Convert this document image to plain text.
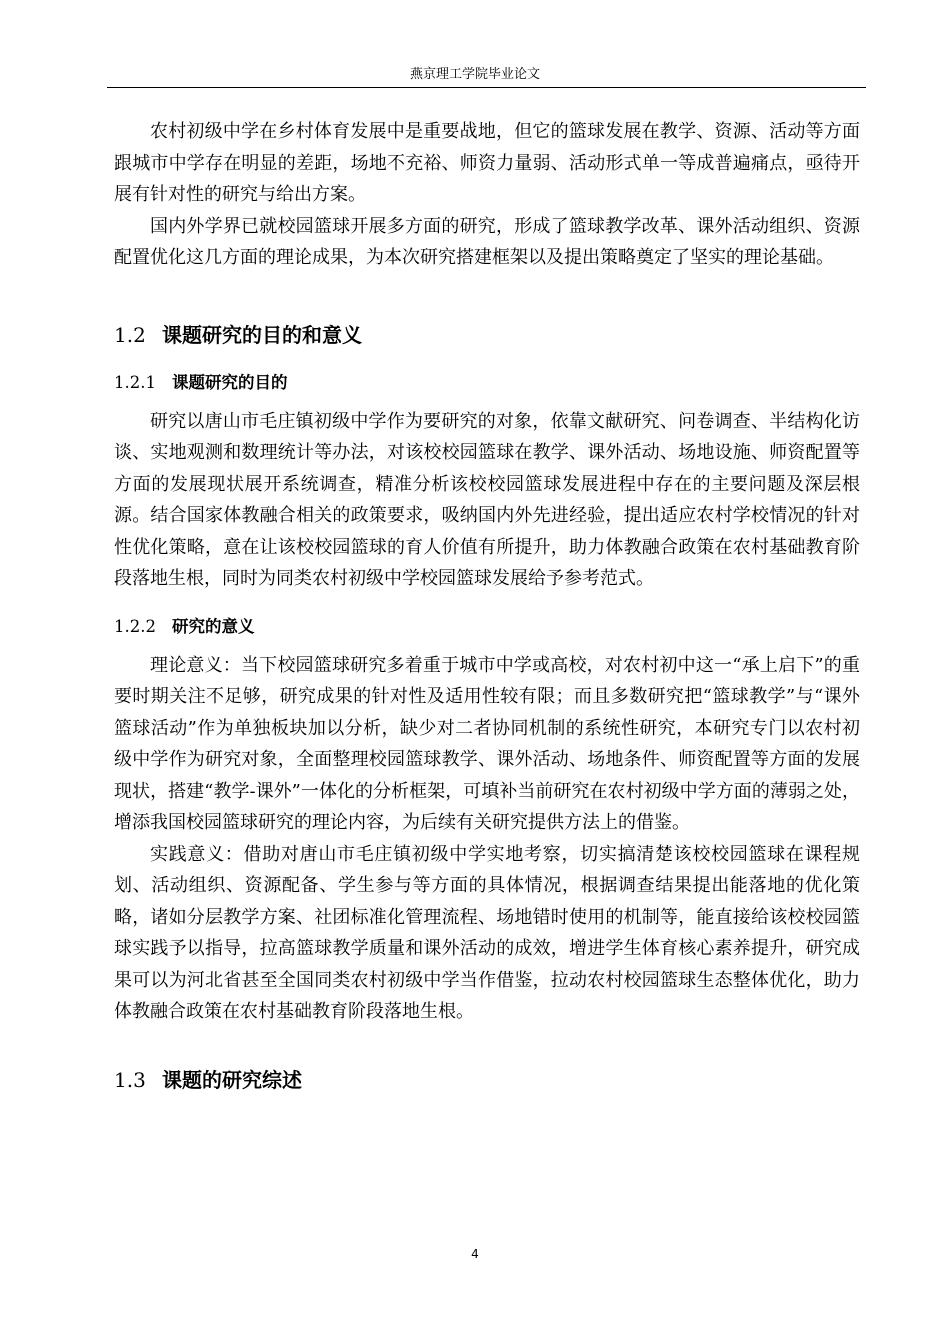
燕京理工学院毕业论文

农村初级中学在乡村体育发展中是重要战地，但它的篮球发展在教学、资源、活动等方面跟城市中学存在明显的差距，场地不充裕、师资力量弱、活动形式单一等成普遍痛点，亟待开展有针对性的研究与给出方案。

国内外学界已就校园篮球开展多方面的研究，形成了篮球教学改革、课外活动组织、资源配置优化这几方面的理论成果，为本次研究搭建框架以及提出策略奠定了坚实的理论基础。

1.2 课题研究的目的和意义
1.2.1 课题研究的目的

研究以唐山市毛庄镇初级中学作为要研究的对象，依靠文献研究、问卷调查、半结构化访谈、实地观测和数理统计等办法，对该校校园篮球在教学、课外活动、场地设施、师资配置等方面的发展现状展开系统调查，精准分析该校校园篮球发展进程中存在的主要问题及深层根源。结合国家体教融合相关的政策要求，吸纳国内外先进经验，提出适应农村学校情况的针对性优化策略，意在让该校校园篮球的育人价值有所提升，助力体教融合政策在农村基础教育阶段落地生根，同时为同类农村初级中学校园篮球发展给予参考范式。

1.2.2 研究的意义

理论意义：当下校园篮球研究多着重于城市中学或高校，对农村初中这一“承上启下”的重要时期关注不足够，研究成果的针对性及适用性较有限；而且多数研究把“篮球教学”与“课外篮球活动”作为单独板块加以分析，缺少对二者协同机制的系统性研究，本研究专门以农村初级中学作为研究对象，全面整理校园篮球教学、课外活动、场地条件、师资配置等方面的发展现状，搭建“教学-课外”一体化的分析框架，可填补当前研究在农村初级中学方面的薄弱之处，增添我国校园篮球研究的理论内容，为后续有关研究提供方法上的借鉴。

实践意义：借助对唐山市毛庄镇初级中学实地考察，切实搞清楚该校校园篮球在课程规划、活动组织、资源配备、学生参与等方面的具体情况，根据调查结果提出能落地的优化策略，诸如分层教学方案、社团标准化管理流程、场地错时使用的机制等，能直接给该校校园篮球实践予以指导，拉高篮球教学质量和课外活动的成效，增进学生体育核心素养提升，研究成果可以为河北省甚至全国同类农村初级中学当作借鉴，拉动农村校园篮球生态整体优化，助力体教融合政策在农村基础教育阶段落地生根。

1.3 课题的研究综述
4
